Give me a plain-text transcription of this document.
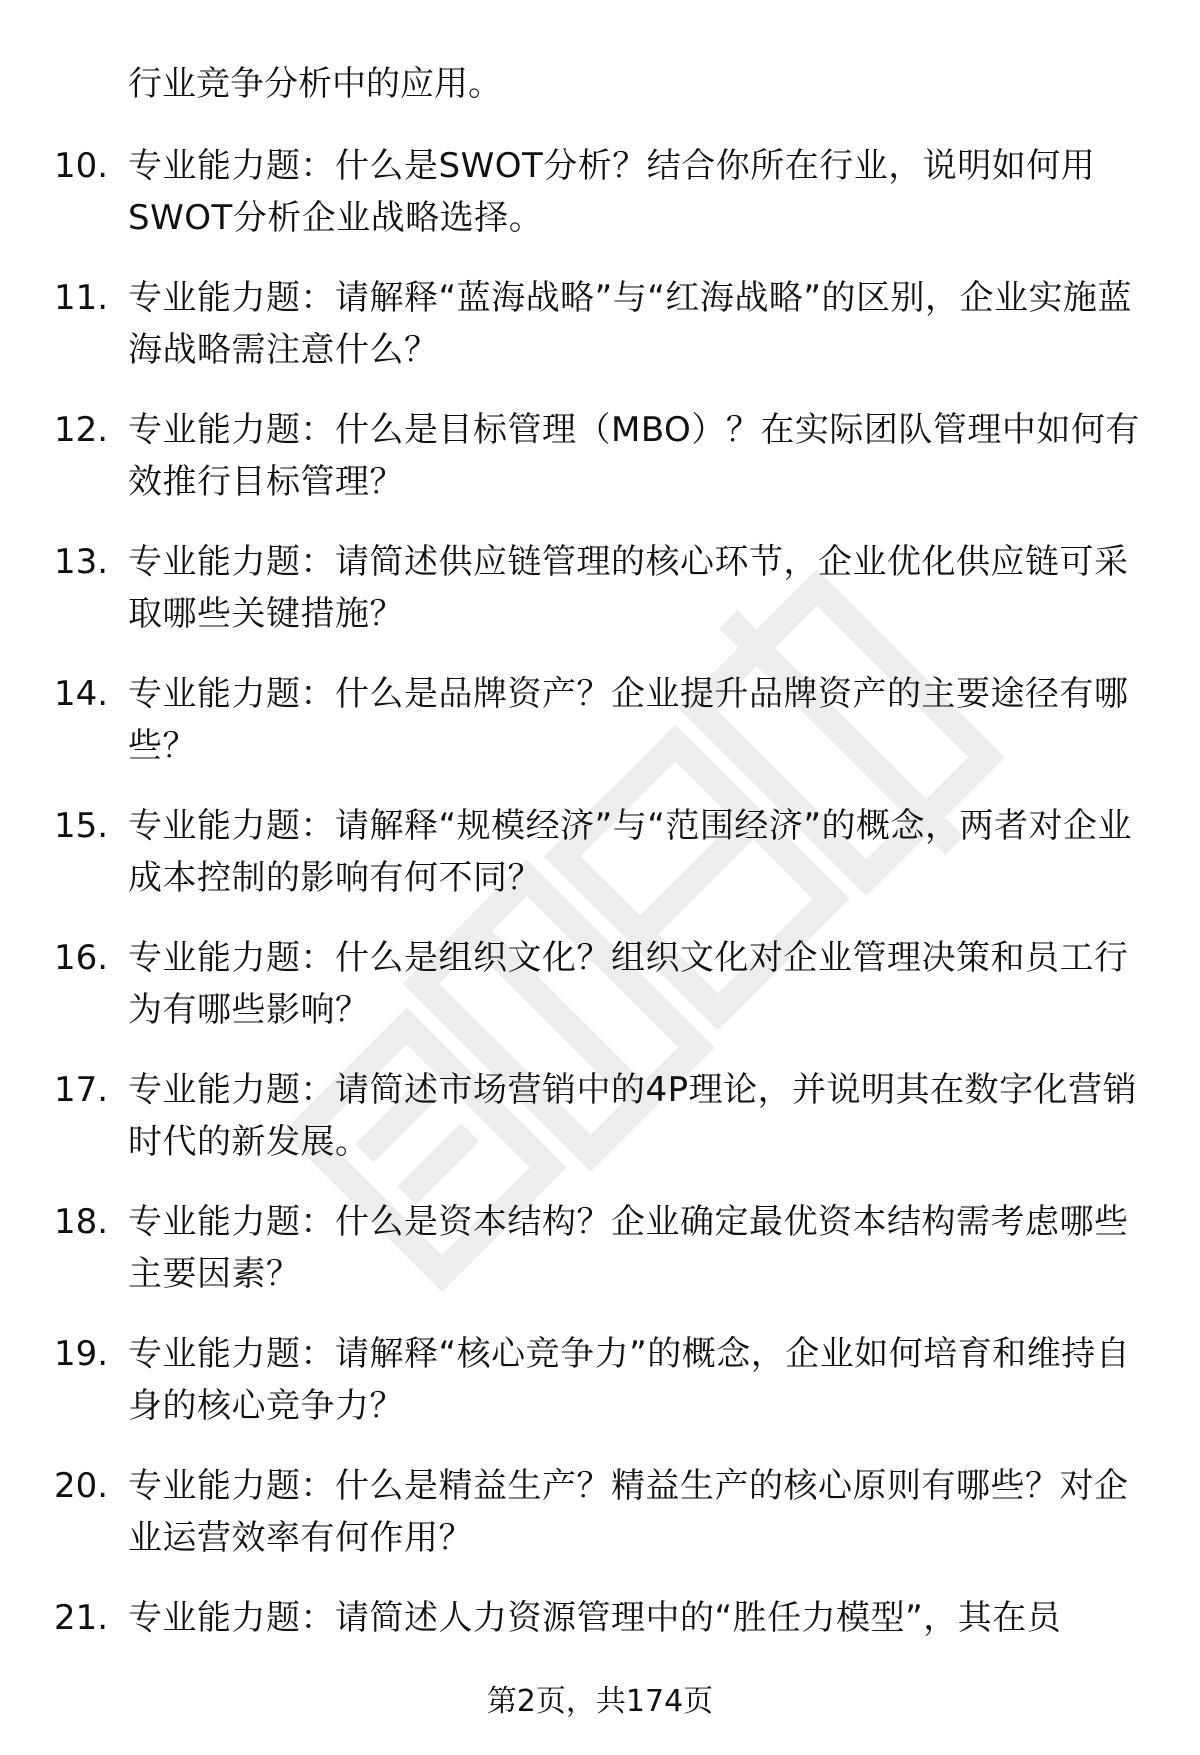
行业竞争分析中的应用。

10. 专业能力题：什么是SWOT分析？结合你所在行业，说明如何用SWOT分析企业战略选择。
11. 专业能力题：请解释“蓝海战略”与“红海战略”的区别，企业实施蓝海战略需注意什么？
12. 专业能力题：什么是目标管理（MBO）？在实际团队管理中如何有效推行目标管理？
13. 专业能力题：请简述供应链管理的核心环节，企业优化供应链可采取哪些关键措施？
14. 专业能力题：什么是品牌资产？企业提升品牌资产的主要途径有哪些？
15. 专业能力题：请解释“规模经济”与“范围经济”的概念，两者对企业成本控制的影响有何不同？
16. 专业能力题：什么是组织文化？组织文化对企业管理决策和员工行为有哪些影响？
17. 专业能力题：请简述市场营销中的4P理论，并说明其在数字化营销时代的新发展。
18. 专业能力题：什么是资本结构？企业确定最优资本结构需考虑哪些主要因素？
19. 专业能力题：请解释“核心竞争力”的概念，企业如何培育和维持自身的核心竞争力？
20. 专业能力题：什么是精益生产？精益生产的核心原则有哪些？对企业运营效率有何作用？
21. 专业能力题：请简述人力资源管理中的“胜任力模型”，其在员
第2页，共174页
